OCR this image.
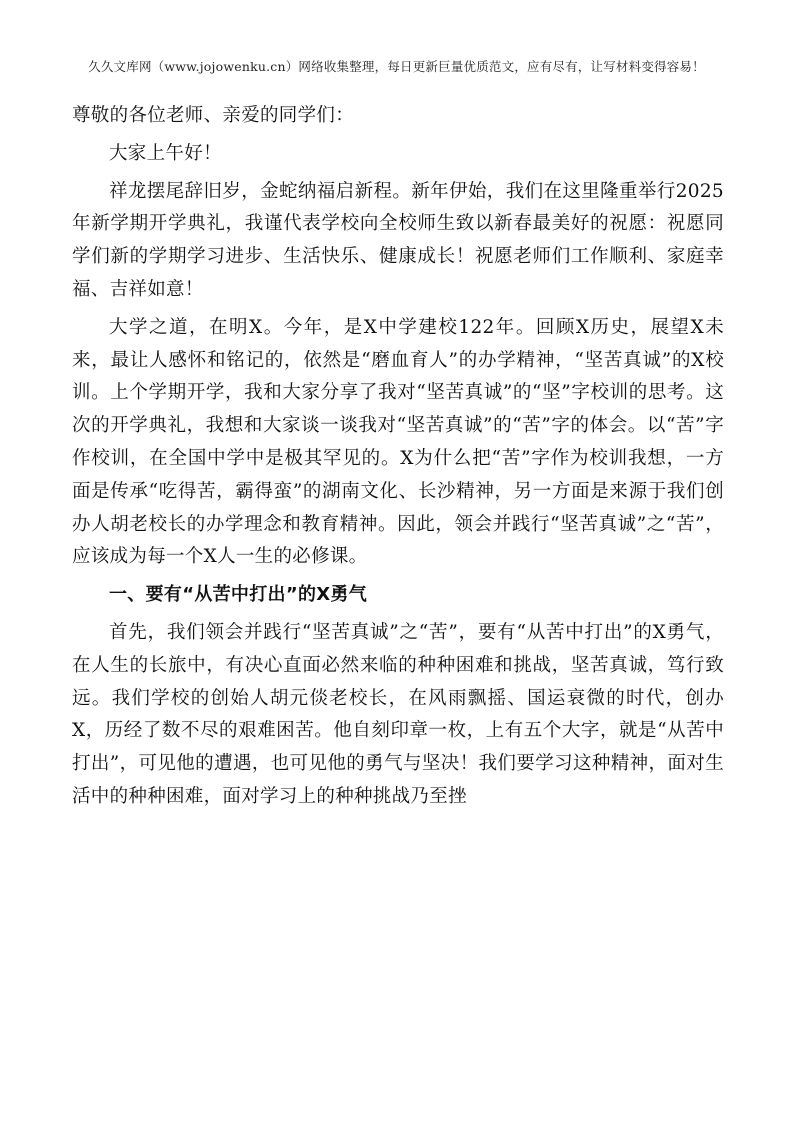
久久文库网（www.jojowenku.cn）网络收集整理，每日更新巨量优质范文，应有尽有，让写材料变得容易！

尊敬的各位老师、亲爱的同学们：

大家上午好！

祥龙摆尾辞旧岁，金蛇纳福启新程。新年伊始，我们在这里隆重举行2025年新学期开学典礼，我谨代表学校向全校师生致以新春最美好的祝愿：祝愿同学们新的学期学习进步、生活快乐、健康成长！祝愿老师们工作顺利、家庭幸福、吉祥如意！

大学之道，在明X。今年，是X中学建校122年。回顾X历史，展望X未来，最让人感怀和铭记的，依然是“磨血育人”的办学精神，“坚苦真诚”的X校训。上个学期开学，我和大家分享了我对“坚苦真诚”的“坚”字校训的思考。这次的开学典礼，我想和大家谈一谈我对“坚苦真诚”的“苦”字的体会。以“苦”字作校训，在全国中学中是极其罕见的。X为什么把“苦”字作为校训我想，一方面是传承“吃得苦，霸得蛮”的湖南文化、长沙精神，另一方面是来源于我们创办人胡老校长的办学理念和教育精神。因此，领会并践行“坚苦真诚”之“苦”，应该成为每一个X人一生的必修课。

一、要有“从苦中打出”的X勇气

首先，我们领会并践行“坚苦真诚”之“苦”，要有“从苦中打出”的X勇气，在人生的长旅中，有决心直面必然来临的种种困难和挑战，坚苦真诚，笃行致远。我们学校的创始人胡元倓老校长，在风雨飘摇、国运衰微的时代，创办X，历经了数不尽的艰难困苦。他自刻印章一枚，上有五个大字，就是“从苦中打出”，可见他的遭遇，也可见他的勇气与坚决！我们要学习这种精神，面对生活中的种种困难，面对学习上的种种挑战乃至挫
